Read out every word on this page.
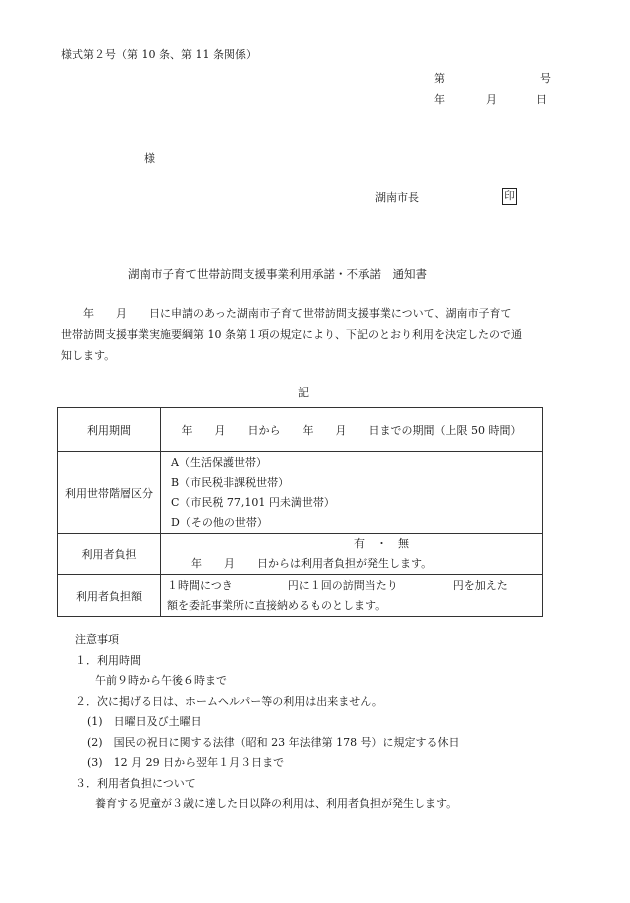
様式第２号（第 10 条、第 11 条関係）
第	号
年	月	日
様
湖南市長	印
湖南市子育て世帯訪問支援事業利用承諾・不承諾　通知書

　　年　　月　　日に申請のあった湖南市子育て世帯訪問支援事業について、湖南市子育て

世帯訪問支援事業実施要綱第 10 条第１項の規定により、下記のとおり利用を決定したので通

知します。

記
利用期間	年　　月　　日から　　年　　月　　日までの期間（上限 50 時間）
利用世帯階層区分	A（生活保護世帯）
B（市民税非課税世帯）
C（市民税 77,101 円未満世帯）
D（その他の世帯）

利用者負担	有　・　無
年　　月　　日からは利用者負担が発生します。

利用者負担額	１時間につき　　　　　円に１回の訪問当たり　　　　　円を加えた
額を委託事業所に直接納めるものとします。
注意事項
１．利用時間
午前９時から午後６時まで
２．次に掲げる日は、ホームヘルパー等の利用は出来ません。
(1)　日曜日及び土曜日
(2)　国民の祝日に関する法律（昭和 23 年法律第 178 号）に規定する休日
(3)　12 月 29 日から翌年１月３日まで
３．利用者負担について
養育する児童が３歳に達した日以降の利用は、利用者負担が発生します。
